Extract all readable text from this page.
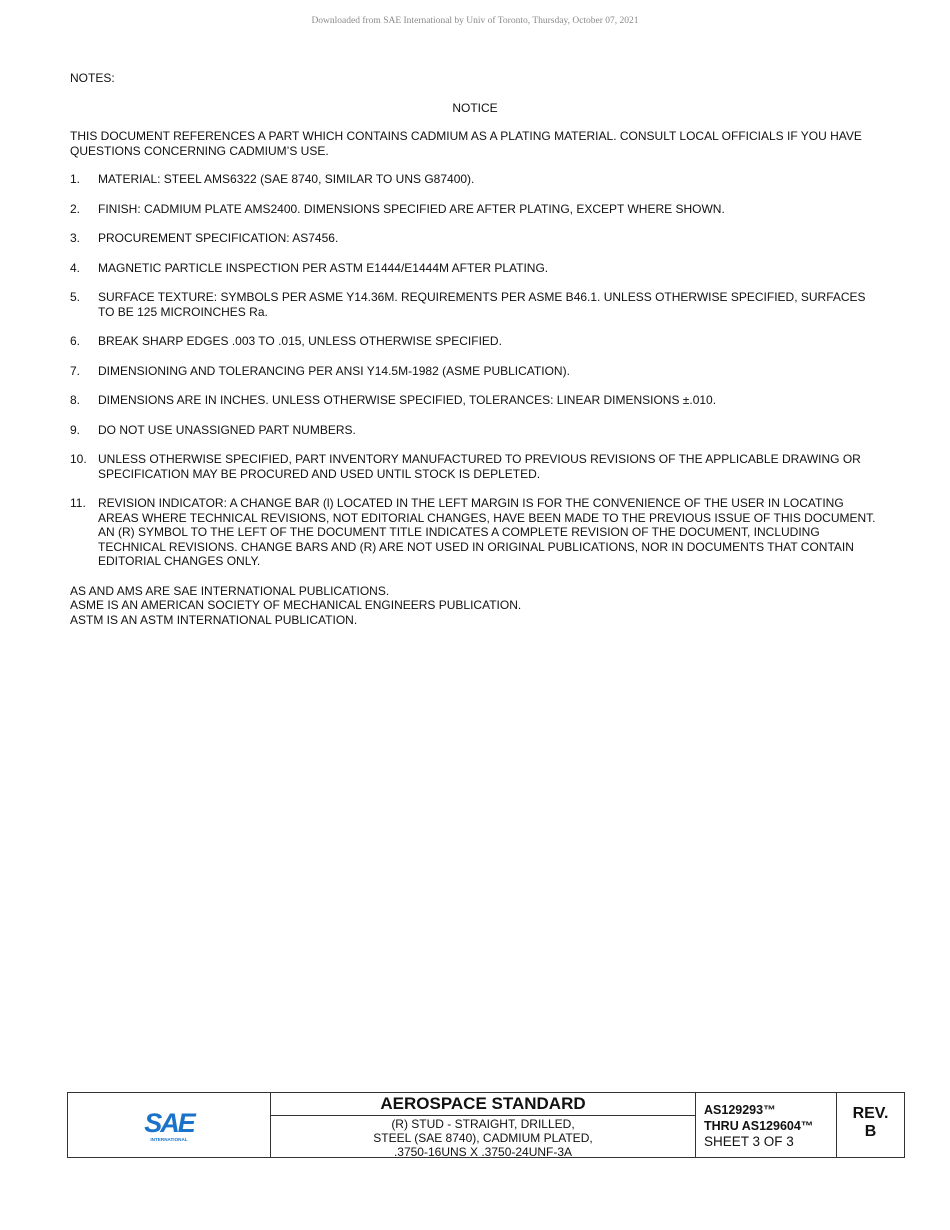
Downloaded from SAE International by Univ of Toronto, Thursday, October 07, 2021
NOTES:
NOTICE
THIS DOCUMENT REFERENCES A PART WHICH CONTAINS CADMIUM AS A PLATING MATERIAL. CONSULT LOCAL OFFICIALS IF YOU HAVE QUESTIONS CONCERNING CADMIUM’S USE.
1.	MATERIAL: STEEL AMS6322 (SAE 8740, SIMILAR TO UNS G87400).
2.	FINISH: CADMIUM PLATE AMS2400. DIMENSIONS SPECIFIED ARE AFTER PLATING, EXCEPT WHERE SHOWN.
3.	PROCUREMENT SPECIFICATION: AS7456.
4.	MAGNETIC PARTICLE INSPECTION PER ASTM E1444/E1444M AFTER PLATING.
5.	SURFACE TEXTURE: SYMBOLS PER ASME Y14.36M. REQUIREMENTS PER ASME B46.1. UNLESS OTHERWISE SPECIFIED, SURFACES TO BE 125 MICROINCHES Ra.
6.	BREAK SHARP EDGES .003 TO .015, UNLESS OTHERWISE SPECIFIED.
7.	DIMENSIONING AND TOLERANCING PER ANSI Y14.5M-1982 (ASME PUBLICATION).
8.	DIMENSIONS ARE IN INCHES. UNLESS OTHERWISE SPECIFIED, TOLERANCES: LINEAR DIMENSIONS ±.010.
9.	DO NOT USE UNASSIGNED PART NUMBERS.
10. UNLESS OTHERWISE SPECIFIED, PART INVENTORY MANUFACTURED TO PREVIOUS REVISIONS OF THE APPLICABLE DRAWING OR SPECIFICATION MAY BE PROCURED AND USED UNTIL STOCK IS DEPLETED.
11.	REVISION INDICATOR: A CHANGE BAR (l) LOCATED IN THE LEFT MARGIN IS FOR THE CONVENIENCE OF THE USER IN LOCATING AREAS WHERE TECHNICAL REVISIONS, NOT EDITORIAL CHANGES, HAVE BEEN MADE TO THE PREVIOUS ISSUE OF THIS DOCUMENT. AN (R) SYMBOL TO THE LEFT OF THE DOCUMENT TITLE INDICATES A COMPLETE REVISION OF THE DOCUMENT, INCLUDING TECHNICAL REVISIONS. CHANGE BARS AND (R) ARE NOT USED IN ORIGINAL PUBLICATIONS, NOR IN DOCUMENTS THAT CONTAIN EDITORIAL CHANGES ONLY.
AS AND AMS ARE SAE INTERNATIONAL PUBLICATIONS.
ASME IS AN AMERICAN SOCIETY OF MECHANICAL ENGINEERS PUBLICATION.
ASTM IS AN ASTM INTERNATIONAL PUBLICATION.
SAE
INTERNATIONAL
AEROSPACE STANDARD
(R) STUD - STRAIGHT, DRILLED,
STEEL (SAE 8740), CADMIUM PLATED,
.3750-16UNS X .3750-24UNF-3A
AS129293™
THRU AS129604™
SHEET 3 OF 3
REV.
B
